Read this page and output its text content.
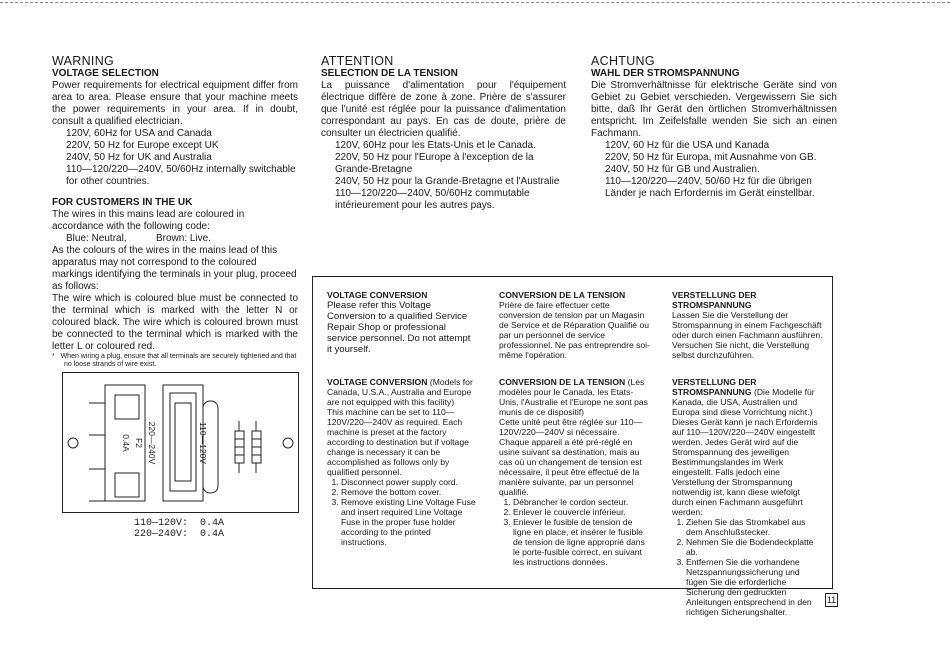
WARNING
VOLTAGE SELECTION

Power requirements for electrical equipment differ from area to area. Please ensure that your machine meets the power requirements in your area. If in doubt, consult a qualified electrician.

120V, 60Hz for USA and Canada

220V, 50 Hz for Europe except UK

240V, 50 Hz for UK and Australia

110—120/220—240V, 50/60Hz internally switchable for other countries.

FOR CUSTOMERS IN THE UK

The wires in this mains lead are coloured in accordance with the following code:

Blue: Neutral,	Brown: Live.

As the colours of the wires in the mains lead of this apparatus may not correspond to the coloured markings identifying the terminals in your plug, proceed as follows:

The wire which is coloured blue must be connected to the terminal which is marked with the letter N or coloured black. The wire which is coloured brown must be connected to the terminal which is marked with the letter L or coloured red.

*   When wiring a plug, ensure that all terminals are securely tightened and that no loose strands of wire exist.

ATTENTION
SELECTION DE LA TENSION

La puissance d'alimentation pour l'équipement électrique diffère de zone à zone. Prière de s'assurer que l'unité est réglée pour la puissance d'alimentation correspondant au pays. En cas de doute, prière de consulter un électricien qualifié.

120V, 60Hz pour les Etats-Unis et le Canada.

220V, 50 Hz pour l'Europe à l'exception de la Grande-Bretagne

240V, 50 Hz pour la Grande-Bretagne et l'Australie

110—120/220—240V, 50/60Hz commutable intérieurement pour les autres pays.

ACHTUNG
WAHL DER STROMSPANNUNG

Die Stromverhältnisse für elektrische Geräte sind von Gebiet zu Gebiet verschieden. Vergewissern Sie sich bitte, daß Ihr Gerät den örtlichen Stromverhältnissen entspricht. Im Zeifelsfalle wenden Sie sich an einen Fachmann.

120V, 60 Hz für die USA und Kanada

220V, 50 Hz für Europa, mit Ausnahme von GB.

240V, 50 Hz für GB und Australien.

110—120/220—240V, 50/60 Hz für die übrigen Länder je nach Erfordernis im Gerät einstellbar.

VOLTAGE CONVERSION

Please refer this Voltage Conversion to a qualified Service Repair Shop or professional service personnel. Do not attempt it yourself.

CONVERSION DE LA TENSION

Prière de faire effectuer cette conversion de tension par un Magasin de Service et de Réparation Qualifié ou par un personnel de service professionnel. Ne pas entreprendre soi-même l'opération.

VERSTELLUNG DER STROMSPANNUNG

Lassen Sie die Verstellung der Stromspannung in einem Fachgeschäft oder durch einen Fachmann ausführen. Versuchen Sie nicht, die Verstellung selbst durchzuführen.

VOLTAGE CONVERSION (Models for Canada, U.S.A., Australia and Europe are not equipped with this facility)

This machine can be set to 110—120V/220—240V as required. Each machine is preset at the factory according to destination but if voltage change is necessary it can be accomplished as follows only by qualified personnel.

1. Disconnect power supply cord.
2. Remove the bottom cover.
3. Remove existing Line Voltage Fuse and insert required Line Voltage Fuse in the proper fuse holder according to the printed instructions.

CONVERSION DE LA TENSION (Les modèles pour le Canada, les Etats-Unis, l'Australie et l'Europe ne sont pas munis de ce dispositif)

Cette unité peut être réglée sur 110—120V/220—240V si nécessaire. Chaque appareil a été pré-réglé en usine suivant sa destination, mais au cas où un changement de tension est nécessaire, il peut être effectué de la manière suivante, par un personnel qualifié.

1. Débrancher le cordon secteur.
2. Enlever le couvercle inférieur.
3. Enlever le fusible de tension de ligne en place, et insérer le fusible de tension de ligne approprié dans le porte-fusible correct, en suivant les instructions données.

VERSTELLUNG DER STROMSPANNUNG (Die Modelle für Kanada, die USA, Australien und Europa sind diese Vorrichtung nicht.)

Dieses Gerät kann je nach Erfordernis auf 110—120V/220—240V eingestellt werden. Jedes Gerät wird auf die Stromspannung des jeweiligen Bestimmungslandes im Werk eingestellt. Falls jedoch eine Verstellung der Stromspannung notwendig ist, kann diese wiefolgt durch einen Fachmann ausgeführt werden:

1. Ziehen Sie das Stromkabel aus dem Anschlußstecker.
2. Nehmen Sie die Bodendeckplatte ab.
3. Entfernen Sie die vorhandene Netzspannungssicherung und fügen Sie die erforderliche Sicherung den gedruckten Anleitungen entsprechend in den richtigen Sicherungshalter.
220—240V
F2
0.4A	110—120V
110—120V:  0.4A
220—240V:  0.4A
11
